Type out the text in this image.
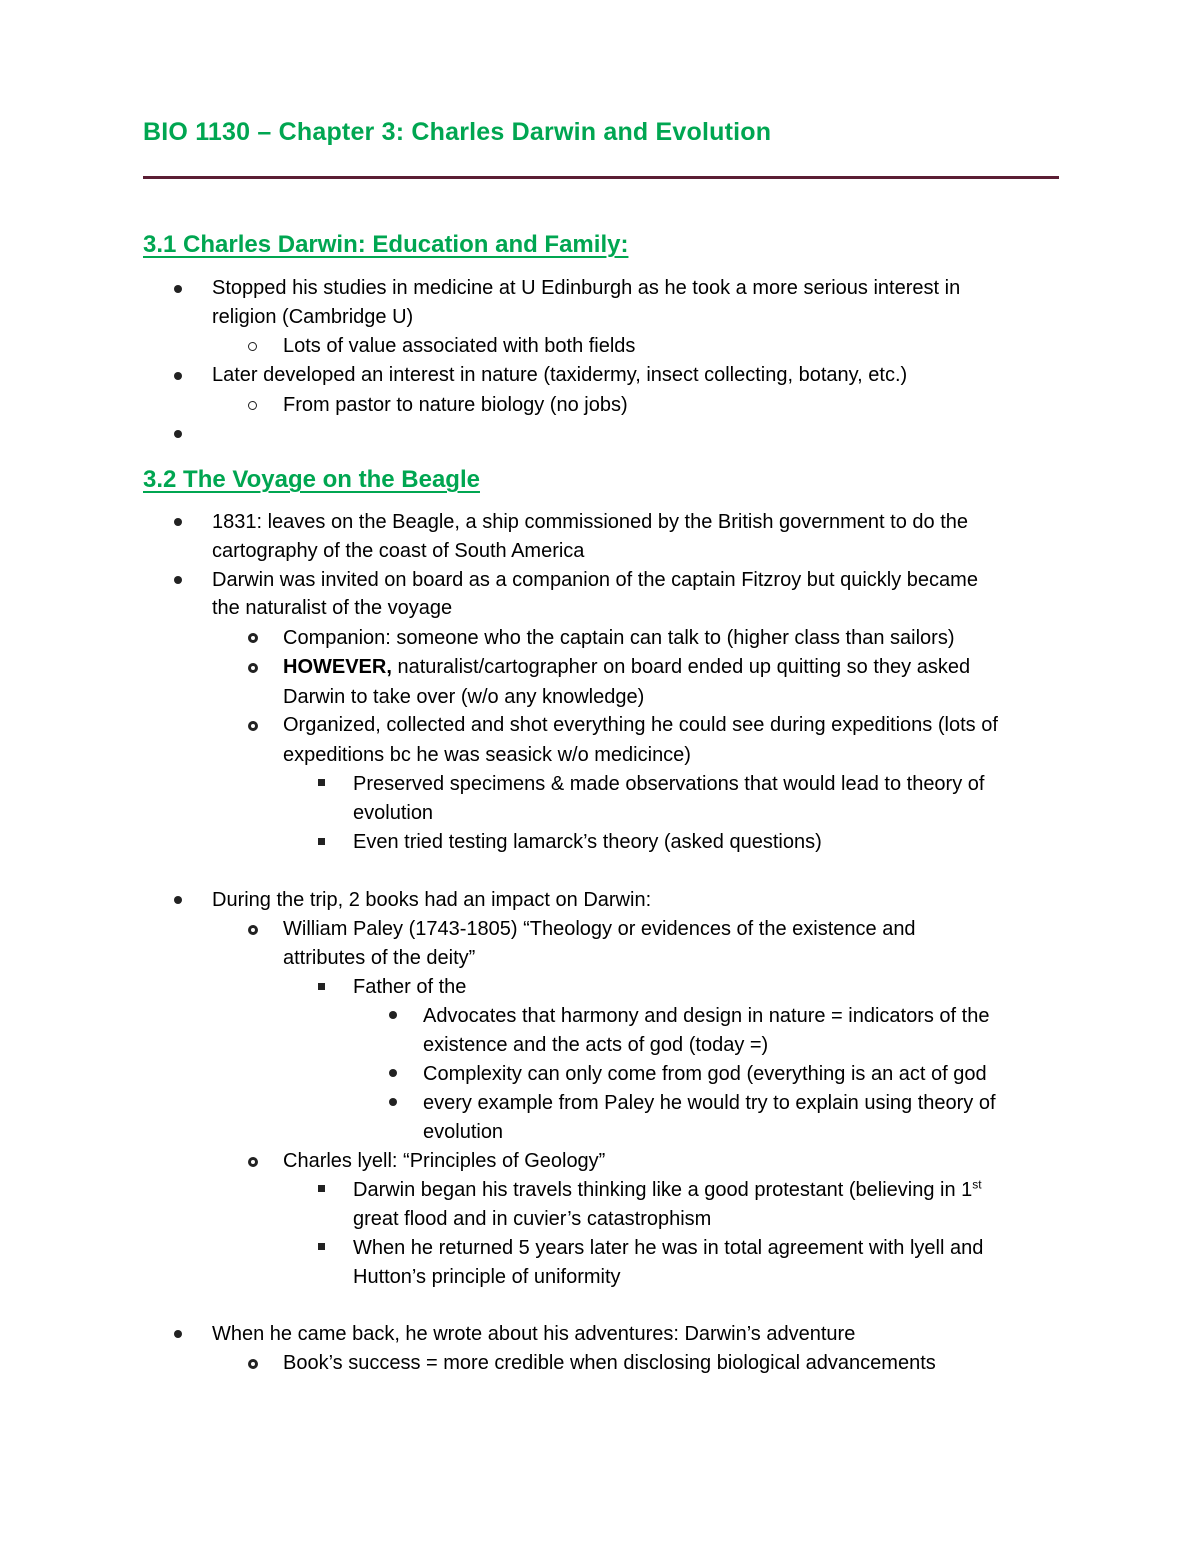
BIO 1130 – Chapter 3: Charles Darwin and Evolution
3.1 Charles Darwin: Education and Family:
Stopped his studies in medicine at U Edinburgh as he took a more serious interest in
religion (Cambridge U)
Lots of value associated with both fields
Later developed an interest in nature (taxidermy, insect collecting, botany, etc.)
From pastor to nature biology (no jobs)
3.2 The Voyage on the Beagle
1831: leaves on the Beagle, a ship commissioned by the British government to do the
cartography of the coast of South America
Darwin was invited on board as a companion of the captain Fitzroy but quickly became
the naturalist of the voyage
Companion: someone who the captain can talk to (higher class than sailors)
HOWEVER, naturalist/cartographer on board ended up quitting so they asked
Darwin to take over (w/o any knowledge)
Organized, collected and shot everything he could see during expeditions (lots of
expeditions bc he was seasick w/o medicince)
Preserved specimens & made observations that would lead to theory of
evolution
Even tried testing lamarck’s theory (asked questions)
During the trip, 2 books had an impact on Darwin:
William Paley (1743-1805) “Theology or evidences of the existence and
attributes of the deity”
Father of the
Advocates that harmony and design in nature = indicators of the
existence and the acts of god (today =)
Complexity can only come from god (everything is an act of god
every example from Paley he would try to explain using theory of
evolution
Charles lyell: “Principles of Geology”
Darwin began his travels thinking like a good protestant (believing in 1st
great flood and in cuvier’s catastrophism
When he returned 5 years later he was in total agreement with lyell and
Hutton’s principle of uniformity
When he came back, he wrote about his adventures: Darwin’s adventure
Book’s success = more credible when disclosing biological advancements
